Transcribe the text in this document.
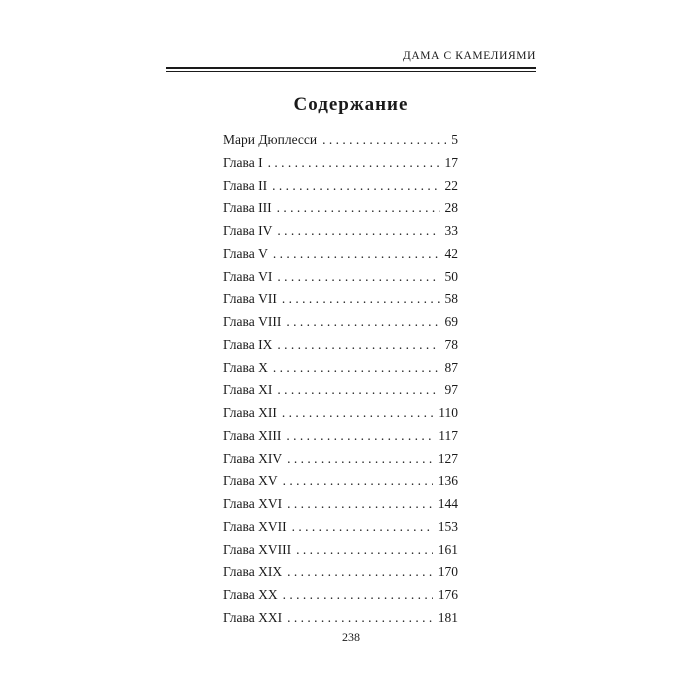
ДАМА С КАМЕЛИЯМИ
Содержание
Мари Дюплесси . . .	5
Глава I . . .	17
Глава II . . .	22
Глава III . . .	28
Глава IV . . .	33
Глава V . . .	42
Глава VI . . .	50
Глава VII . . .	58
Глава VIII . . .	69
Глава IX . . .	78
Глава X . . .	87
Глава XI . . .	97
Глава XII . . .	110
Глава XIII . . .	117
Глава XIV . . .	127
Глава XV . . .	136
Глава XVI . . .	144
Глава XVII . . .	153
Глава XVIII . . .	161
Глава XIX . . .	170
Глава XX . . .	176
Глава XXI . . .	181
238
